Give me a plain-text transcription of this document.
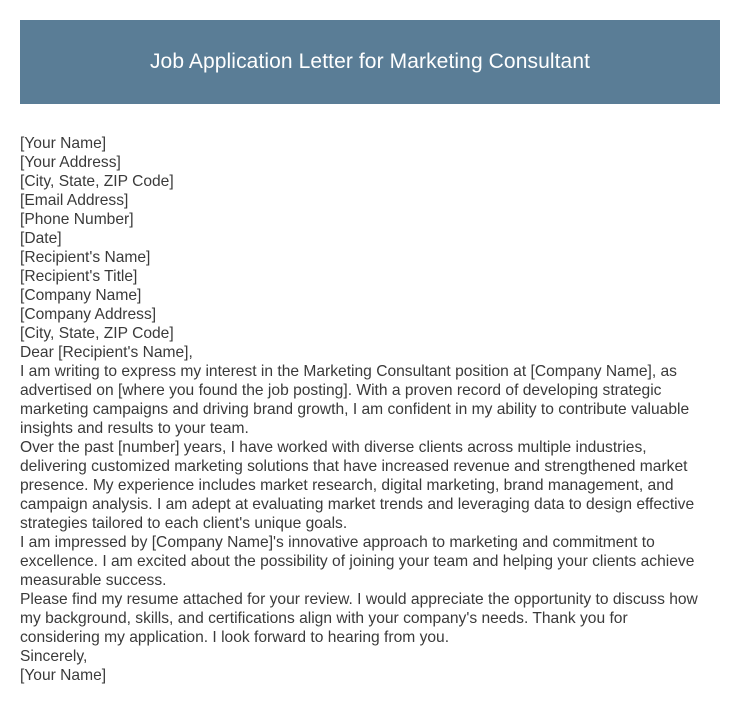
Job Application Letter for Marketing Consultant
[Your Name]
[Your Address]
[City, State, ZIP Code]
[Email Address]
[Phone Number]
[Date]
[Recipient's Name]
[Recipient's Title]
[Company Name]
[Company Address]
[City, State, ZIP Code]
Dear [Recipient's Name],
I am writing to express my interest in the Marketing Consultant position at [Company Name], as
advertised on [where you found the job posting]. With a proven record of developing strategic
marketing campaigns and driving brand growth, I am confident in my ability to contribute valuable
insights and results to your team.
Over the past [number] years, I have worked with diverse clients across multiple industries,
delivering customized marketing solutions that have increased revenue and strengthened market
presence. My experience includes market research, digital marketing, brand management, and
campaign analysis. I am adept at evaluating market trends and leveraging data to design effective
strategies tailored to each client's unique goals.
I am impressed by [Company Name]'s innovative approach to marketing and commitment to
excellence. I am excited about the possibility of joining your team and helping your clients achieve
measurable success.
Please find my resume attached for your review. I would appreciate the opportunity to discuss how
my background, skills, and certifications align with your company's needs. Thank you for
considering my application. I look forward to hearing from you.
Sincerely,
[Your Name]
